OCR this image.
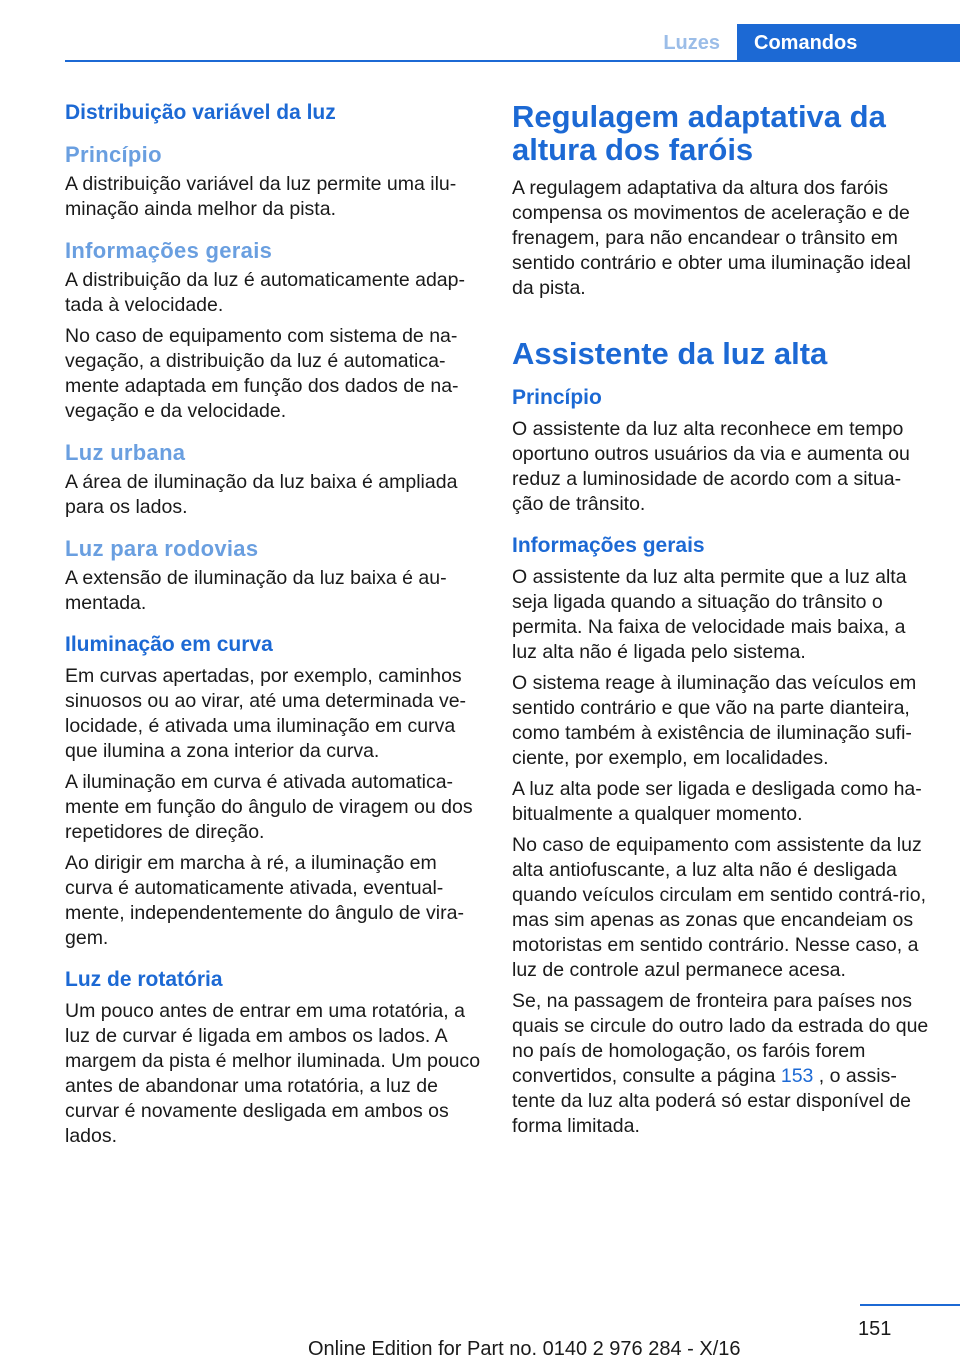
Luzes	Comandos
Distribuição variável da luz
Princípio

A distribuição variável da luz permite uma ilu-minação ainda melhor da pista.

Informações gerais

A distribuição da luz é automaticamente adap-tada à velocidade.

No caso de equipamento com sistema de na-vegação, a distribuição da luz é automatica-mente adaptada em função dos dados de na-vegação e da velocidade.

Luz urbana

A área de iluminação da luz baixa é ampliada para os lados.

Luz para rodovias

A extensão de iluminação da luz baixa é au-mentada.

Iluminação em curva

Em curvas apertadas, por exemplo, caminhos sinuosos ou ao virar, até uma determinada ve-locidade, é ativada uma iluminação em curva que ilumina a zona interior da curva.

A iluminação em curva é ativada automatica-mente em função do ângulo de viragem ou dos repetidores de direção.

Ao dirigir em marcha à ré, a iluminação em curva é automaticamente ativada, eventual-mente, independentemente do ângulo de vira-gem.

Luz de rotatória

Um pouco antes de entrar em uma rotatória, a luz de curvar é ligada em ambos os lados. A margem da pista é melhor iluminada. Um pouco antes de abandonar uma rotatória, a luz de curvar é novamente desligada em ambos os lados.

Regulagem adaptativa da altura dos faróis

A regulagem adaptativa da altura dos faróis compensa os movimentos de aceleração e de frenagem, para não encandear o trânsito em sentido contrário e obter uma iluminação ideal da pista.

Assistente da luz alta
Princípio

O assistente da luz alta reconhece em tempo oportuno outros usuários da via e aumenta ou reduz a luminosidade de acordo com a situa-ção de trânsito.

Informações gerais

O assistente da luz alta permite que a luz alta seja ligada quando a situação do trânsito o permita. Na faixa de velocidade mais baixa, a luz alta não é ligada pelo sistema.

O sistema reage à iluminação das veículos em sentido contrário e que vão na parte dianteira, como também à existência de iluminação sufi-ciente, por exemplo, em localidades.

A luz alta pode ser ligada e desligada como ha-bitualmente a qualquer momento.

No caso de equipamento com assistente da luz alta antiofuscante, a luz alta não é desligada quando veículos circulam em sentido contrá-rio, mas sim apenas as zonas que encandeiam os motoristas em sentido contrário. Nesse caso, a luz de controle azul permanece acesa.

Se, na passagem de fronteira para países nos quais se circule do outro lado da estrada do que no país de homologação, os faróis forem convertidos, consulte a página 153 , o assis-tente da luz alta poderá só estar disponível de forma limitada.

151
Online Edition for Part no. 0140 2 976 284 - X/16
